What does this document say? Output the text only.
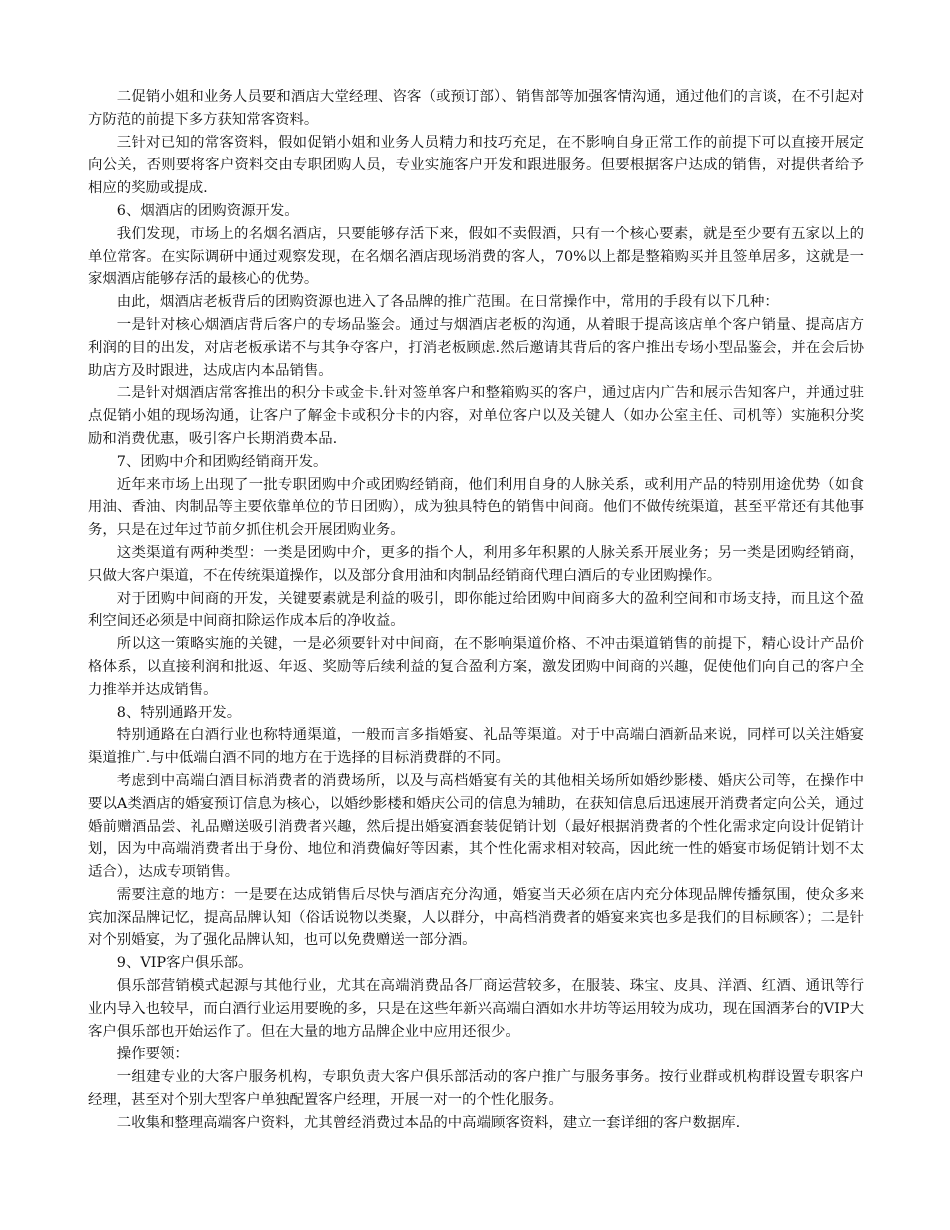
二促销小姐和业务人员要和酒店大堂经理、咨客（或预订部）、销售部等加强客情沟通，通过他们的言谈，在不引起对方防范的前提下多方获知常客资料。

三针对已知的常客资料，假如促销小姐和业务人员精力和技巧充足，在不影响自身正常工作的前提下可以直接开展定向公关，否则要将客户资料交由专职团购人员，专业实施客户开发和跟进服务。但要根据客户达成的销售，对提供者给予相应的奖励或提成.

6、烟酒店的团购资源开发。

我们发现，市场上的名烟名酒店，只要能够存活下来，假如不卖假酒，只有一个核心要素，就是至少要有五家以上的单位常客。在实际调研中通过观察发现，在名烟名酒店现场消费的客人，70%以上都是整箱购买并且签单居多，这就是一家烟酒店能够存活的最核心的优势。

由此，烟酒店老板背后的团购资源也进入了各品牌的推广范围。在日常操作中，常用的手段有以下几种：

一是针对核心烟酒店背后客户的专场品鉴会。通过与烟酒店老板的沟通，从着眼于提高该店单个客户销量、提高店方利润的目的出发，对店老板承诺不与其争夺客户，打消老板顾虑.然后邀请其背后的客户推出专场小型品鉴会，并在会后协助店方及时跟进，达成店内本品销售。

二是针对烟酒店常客推出的积分卡或金卡.针对签单客户和整箱购买的客户，通过店内广告和展示告知客户，并通过驻点促销小姐的现场沟通，让客户了解金卡或积分卡的内容，对单位客户以及关键人（如办公室主任、司机等）实施积分奖励和消费优惠，吸引客户长期消费本品.

7、团购中介和团购经销商开发。

近年来市场上出现了一批专职团购中介或团购经销商，他们利用自身的人脉关系，或利用产品的特别用途优势（如食用油、香油、肉制品等主要依靠单位的节日团购），成为独具特色的销售中间商。他们不做传统渠道，甚至平常还有其他事务，只是在过年过节前夕抓住机会开展团购业务。

这类渠道有两种类型：一类是团购中介，更多的指个人，利用多年积累的人脉关系开展业务；另一类是团购经销商，只做大客户渠道，不在传统渠道操作，以及部分食用油和肉制品经销商代理白酒后的专业团购操作。

对于团购中间商的开发，关键要素就是利益的吸引，即你能过给团购中间商多大的盈利空间和市场支持，而且这个盈利空间还必须是中间商扣除运作成本后的净收益。

所以这一策略实施的关键，一是必须要针对中间商，在不影响渠道价格、不冲击渠道销售的前提下，精心设计产品价格体系，以直接利润和批返、年返、奖励等后续利益的复合盈利方案，激发团购中间商的兴趣，促使他们向自己的客户全力推举并达成销售。

8、特别通路开发。

特别通路在白酒行业也称特通渠道，一般而言多指婚宴、礼品等渠道。对于中高端白酒新品来说，同样可以关注婚宴渠道推广.与中低端白酒不同的地方在于选择的目标消费群的不同。

考虑到中高端白酒目标消费者的消费场所，以及与高档婚宴有关的其他相关场所如婚纱影楼、婚庆公司等，在操作中要以A类酒店的婚宴预订信息为核心，以婚纱影楼和婚庆公司的信息为辅助，在获知信息后迅速展开消费者定向公关，通过婚前赠酒品尝、礼品赠送吸引消费者兴趣，然后提出婚宴酒套装促销计划（最好根据消费者的个性化需求定向设计促销计划，因为中高端消费者出于身份、地位和消费偏好等因素，其个性化需求相对较高，因此统一性的婚宴市场促销计划不太适合），达成专项销售。

需要注意的地方：一是要在达成销售后尽快与酒店充分沟通，婚宴当天必须在店内充分体现品牌传播氛围，使众多来宾加深品牌记忆，提高品牌认知（俗话说物以类聚，人以群分，中高档消费者的婚宴来宾也多是我们的目标顾客）；二是针对个别婚宴，为了强化品牌认知，也可以免费赠送一部分酒。

9、VIP客户俱乐部。

俱乐部营销模式起源与其他行业，尤其在高端消费品各厂商运营较多，在服装、珠宝、皮具、洋酒、红酒、通讯等行业内导入也较早，而白酒行业运用要晚的多，只是在这些年新兴高端白酒如水井坊等运用较为成功，现在国酒茅台的VIP大客户俱乐部也开始运作了。但在大量的地方品牌企业中应用还很少。

操作要领：

一组建专业的大客户服务机构，专职负责大客户俱乐部活动的客户推广与服务事务。按行业群或机构群设置专职客户经理，甚至对个别大型客户单独配置客户经理，开展一对一的个性化服务。

二收集和整理高端客户资料，尤其曾经消费过本品的中高端顾客资料，建立一套详细的客户数据库.
